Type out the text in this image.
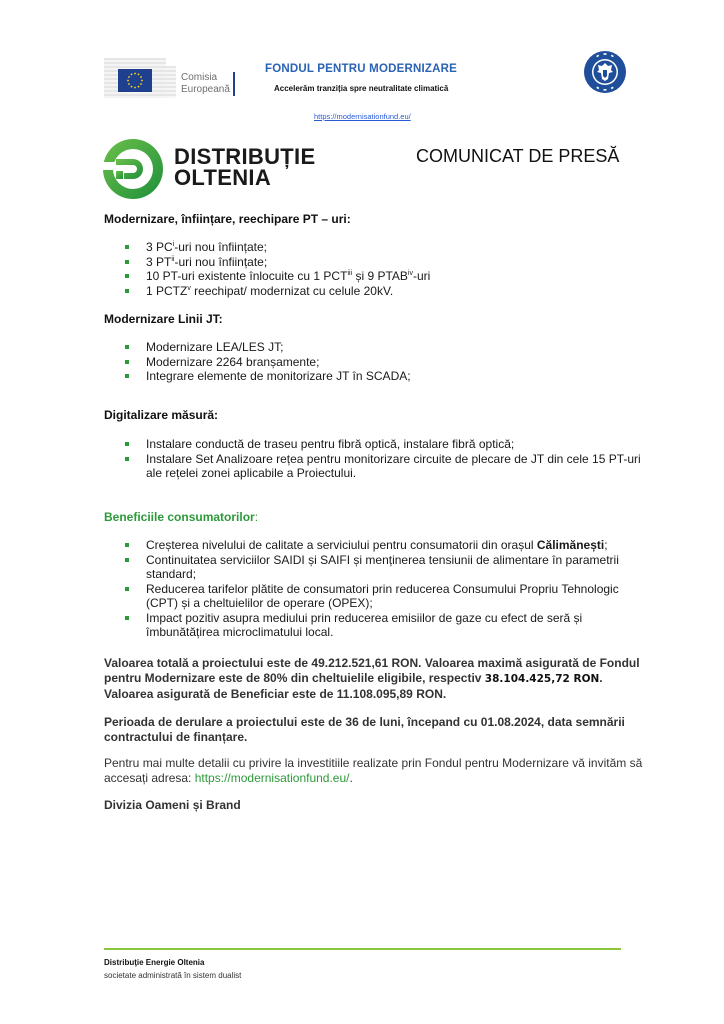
Comisia
Europeană
FONDUL PENTRU MODERNIZARE
Accelerăm tranziția spre neutralitate climatică
https://modernisationfund.eu/
DISTRIBUȚIE
OLTENIA
COMUNICAT DE PRESĂ
Modernizare, înființare, reechipare PT – uri:
3 $PC^i$-uri nou înființate;
3 PT$^{ii}$-uri nou înființate;
10 PT-uri existente înlocuite cu 1 PCT$^{iii}$ și 9 PTAB$^{iv}$-uri
1 PCTZ$^v$ reechipat/ modernizat cu celule 20kV.
Modernizare Linii JT:
Modernizare LEA/LES JT;
Modernizare 2264 branșamente;
Integrare elemente de monitorizare JT în SCADA;
Digitalizare măsură:
Instalare conductă de traseu pentru fibră optică, instalare fibră optică;
Instalare Set Analizoare rețea pentru monitorizare circuite de plecare de JT din cele 15 PT-uri ale rețelei zonei aplicabile a Proiectului.
Beneficiile consumatorilor:
Creșterea nivelului de calitate a serviciului pentru consumatorii din orașul Călimănești;
Continuitatea serviciilor SAIDI și SAIFI și menținerea tensiunii de alimentare în parametrii standard;
Reducerea tarifelor plătite de consumatori prin reducerea Consumului Propriu Tehnologic (CPT) și a cheltuielilor de operare (OPEX);
Impact pozitiv asupra mediului prin reducerea emisiilor de gaze cu efect de seră și îmbunătățirea microclimatului local.
Valoarea totală a proiectului este de 49.212.521,61 RON. Valoarea maximă asigurată de Fondul pentru Modernizare este de 80% din cheltuielile eligibile, respectiv 38.104.425,72 RON. Valoarea asigurată de Beneficiar este de 11.108.095,89 RON.
Perioada de derulare a proiectului este de 36 de luni, începand cu 01.08.2024, data semnării contractului de finanțare.
Pentru mai multe detalii cu privire la investitiile realizate prin Fondul pentru Modernizare vă invităm să accesați adresa: https://modernisationfund.eu/.
Divizia Oameni și Brand
Distribuţie Energie Oltenia
societate administrată în sistem dualist
